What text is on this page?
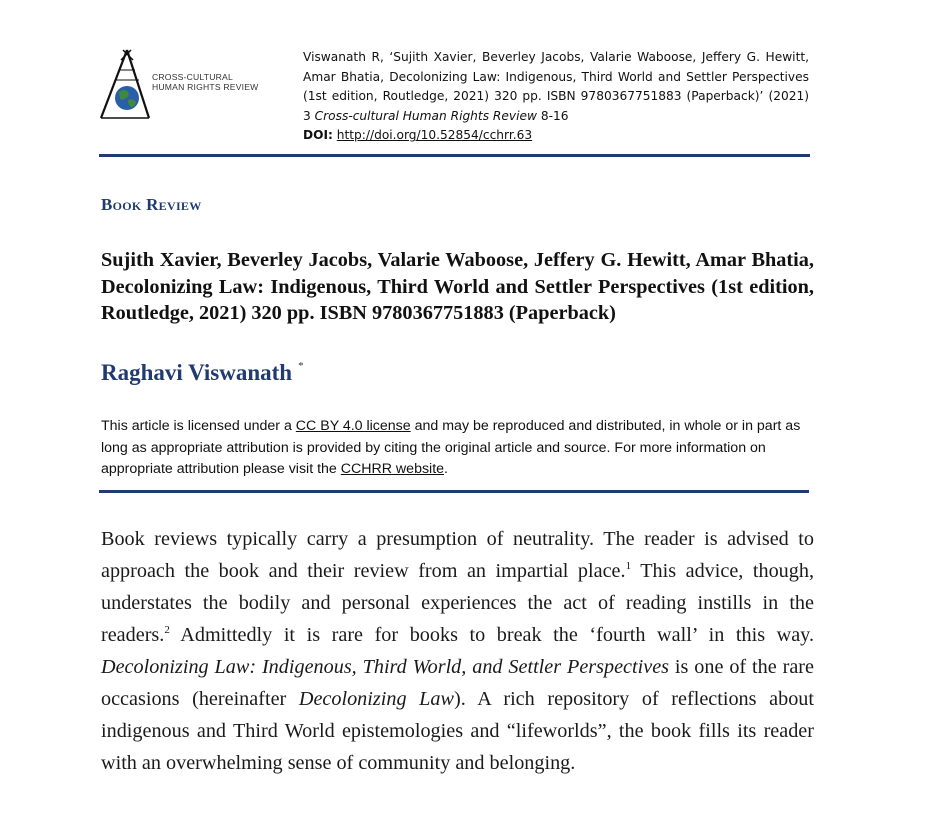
CROSS-CULTURAL
HUMAN RIGHTS REVIEW
Viswanath R, ‘Sujith Xavier, Beverley Jacobs, Valarie Waboose, Jeffery G. Hewitt, Amar Bhatia, Decolonizing Law: Indigenous, Third World and Settler Perspectives (1st edition, Routledge, 2021) 320 pp. ISBN 9780367751883 (Paperback)’ (2021) 3 Cross-cultural Human Rights Review 8-16
DOI: http://doi.org/10.52854/cchrr.63
Book Review
Sujith Xavier, Beverley Jacobs, Valarie Waboose, Jeffery G. Hewitt, Amar Bhatia, Decolonizing Law: Indigenous, Third World and Settler Perspectives (1st edition, Routledge, 2021) 320 pp. ISBN 9780367751883 (Paperback)
Raghavi Viswanath *
This article is licensed under a CC BY 4.0 license and may be reproduced and distributed, in whole or in part as long as appropriate attribution is provided by citing the original article and source. For more information on appropriate attribution please visit the CCHRR website.
Book reviews typically carry a presumption of neutrality. The reader is advised to approach the book and their review from an impartial place.$^1$ This advice, though, understates the bodily and personal experiences the act of reading instills in the readers.$^2$ Admittedly it is rare for books to break the ‘fourth wall’ in this way. Decolonizing Law: Indigenous, Third World, and Settler Perspectives is one of the rare occasions (hereinafter Decolonizing Law). A rich repository of reflections about indigenous and Third World epistemologies and “lifeworlds”, the book fills its reader with an overwhelming sense of community and belonging.
